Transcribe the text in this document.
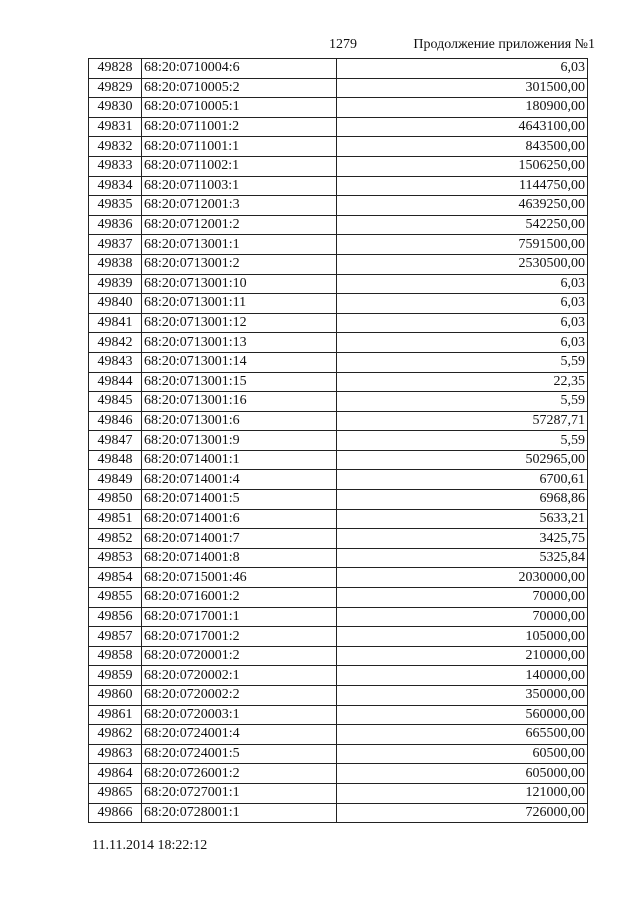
1279	Продолжение приложения №1
49828	68:20:0710004:6	6,03
49829	68:20:0710005:2	301500,00
49830	68:20:0710005:1	180900,00
49831	68:20:0711001:2	4643100,00
49832	68:20:0711001:1	843500,00
49833	68:20:0711002:1	1506250,00
49834	68:20:0711003:1	1144750,00
49835	68:20:0712001:3	4639250,00
49836	68:20:0712001:2	542250,00
49837	68:20:0713001:1	7591500,00
49838	68:20:0713001:2	2530500,00
49839	68:20:0713001:10	6,03
49840	68:20:0713001:11	6,03
49841	68:20:0713001:12	6,03
49842	68:20:0713001:13	6,03
49843	68:20:0713001:14	5,59
49844	68:20:0713001:15	22,35
49845	68:20:0713001:16	5,59
49846	68:20:0713001:6	57287,71
49847	68:20:0713001:9	5,59
49848	68:20:0714001:1	502965,00
49849	68:20:0714001:4	6700,61
49850	68:20:0714001:5	6968,86
49851	68:20:0714001:6	5633,21
49852	68:20:0714001:7	3425,75
49853	68:20:0714001:8	5325,84
49854	68:20:0715001:46	2030000,00
49855	68:20:0716001:2	70000,00
49856	68:20:0717001:1	70000,00
49857	68:20:0717001:2	105000,00
49858	68:20:0720001:2	210000,00
49859	68:20:0720002:1	140000,00
49860	68:20:0720002:2	350000,00
49861	68:20:0720003:1	560000,00
49862	68:20:0724001:4	665500,00
49863	68:20:0724001:5	60500,00
49864	68:20:0726001:2	605000,00
49865	68:20:0727001:1	121000,00
49866	68:20:0728001:1	726000,00
11.11.2014 18:22:12
